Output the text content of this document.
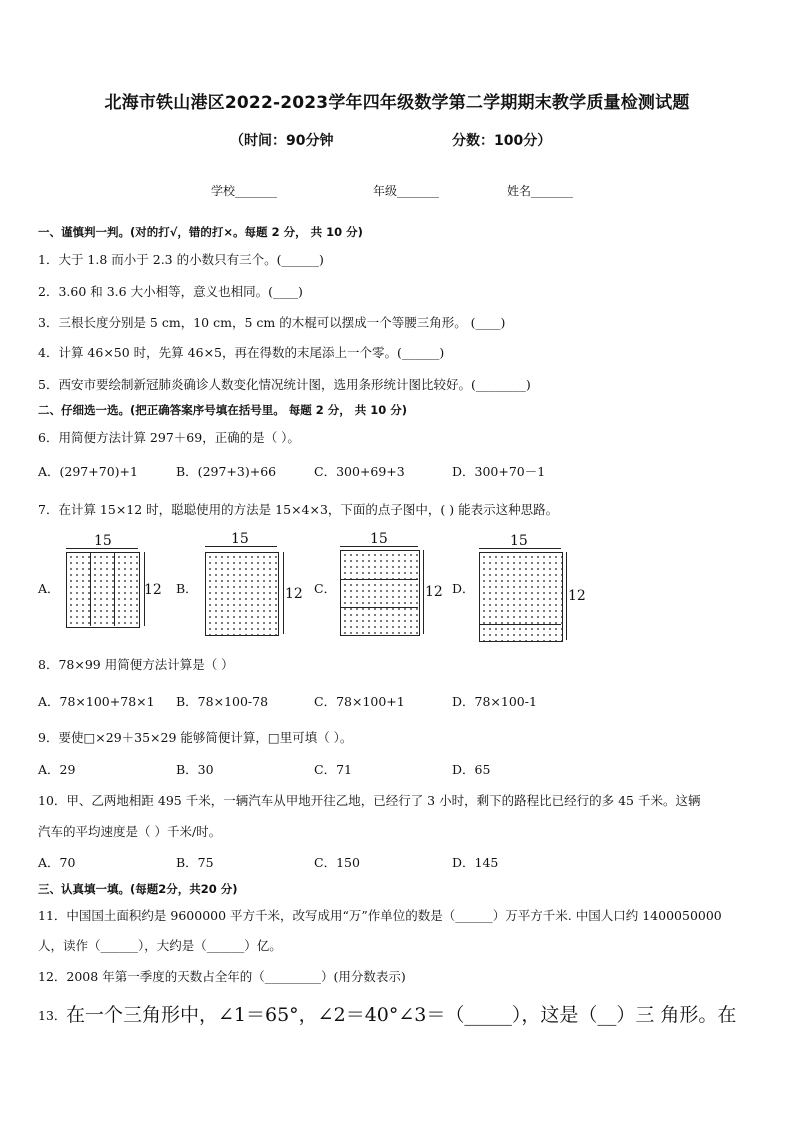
北海市铁山港区2022-2023学年四年级数学第二学期期末教学质量检测试题
（时间：90分钟	分数：100分）
学校_______	年级_______	姓名_______
一、谨慎判一判。(对的打√，错的打×。每题 2 分， 共 10 分)
1．大于 1.8 而小于 2.3 的小数只有三个。(______)
2．3.60 和 3.6 大小相等，意义也相同。(____)
3．三根长度分别是 5 cm，10 cm，5 cm 的木棍可以摆成一个等腰三角形。 (____)
4．计算 46×50 时，先算 46×5，再在得数的末尾添上一个零。(______)
5．西安市要绘制新冠肺炎确诊人数变化情况统计图，选用条形统计图比较好。(________)
二、仔细选一选。(把正确答案序号填在括号里。 每题 2 分， 共 10 分)
6．用简便方法计算 297＋69，正确的是（ ）。
A．(297+70)+1	B．(297+3)+66	C．300+69+3	D．300+70－1
7．在计算 15×12 时，聪聪使用的方法是 15×4×3，下面的点子图中，( ) 能表示这种思路。
A．
15
12 B．
15
12 C．
15
12 D．
15
12
8．78×99 用简便方法计算是（ ）
A．78×100+78×1 B．78×100-78	C．78×100+1	D．78×100-1
9．要使□×29＋35×29 能够简便计算，□里可填（ ）。
A．29	B．30	C．71	D．65
10．甲、乙两地相距 495 千米，一辆汽车从甲地开往乙地，已经行了 3 小时，剩下的路程比已经行的多 45 千米。这辆
汽车的平均速度是（ ）千米/时。
A．70	B．75	C．150	D．145
三、认真填一填。(每题2分，共20 分)
11．中国国土面积约是 9600000 平方千米，改写成用“万”作单位的数是（______）万平方千米. 中国人口约 1400050000
人，读作（______），大约是（______）亿。
12．2008 年第一季度的天数占全年的（_________）(用分数表示)
13． 在一个三角形中，∠1＝65°，∠2＝40°∠3＝（_____），这是（__）三 角形。在
